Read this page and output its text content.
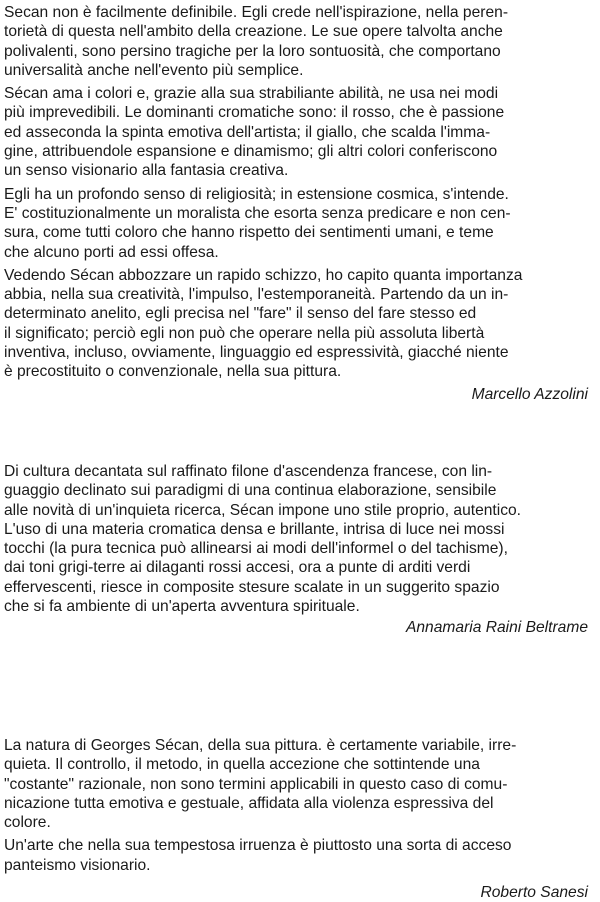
Secan non è facilmente definibile. Egli crede nell'ispirazione, nella peren-
torietà di questa nell'ambito della creazione. Le sue opere talvolta anche
polivalenti, sono persino tragiche per la loro sontuosità, che comportano
universalità anche nell'evento più semplice.
Sécan ama i colori e, grazie alla sua strabiliante abilità, ne usa nei modi
più imprevedibili. Le dominanti cromatiche sono: il rosso, che è passione
ed asseconda la spinta emotiva dell'artista; il giallo, che scalda l'imma-
gine, attribuendole espansione e dinamismo; gli altri colori conferiscono
un senso visionario alla fantasia creativa.
Egli ha un profondo senso di religiosità; in estensione cosmica, s'intende.
E' costituzionalmente un moralista che esorta senza predicare e non cen-
sura, come tutti coloro che hanno rispetto dei sentimenti umani, e teme
che alcuno porti ad essi offesa.
Vedendo Sécan abbozzare un rapido schizzo, ho capito quanta importanza
abbia, nella sua creatività, l'impulso, l'estemporaneità. Partendo da un in-
determinato anelito, egli precisa nel "fare" il senso del fare stesso ed
il significato; perciò egli non può che operare nella più assoluta libertà
inventiva, incluso, ovviamente, linguaggio ed espressività, giacché niente
è precostituito o convenzionale, nella sua pittura.
Marcello Azzolini
Di cultura decantata sul raffinato filone d'ascendenza francese, con lin-
guaggio declinato sui paradigmi di una continua elaborazione, sensibile
alle novità di un'inquieta ricerca, Sécan impone uno stile proprio, autentico.
L'uso di una materia cromatica densa e brillante, intrisa di luce nei mossi
tocchi (la pura tecnica può allinearsi ai modi dell'informel o del tachisme),
dai toni grigi-terre ai dilaganti rossi accesi, ora a punte di arditi verdi
effervescenti, riesce in composite stesure scalate in un suggerito spazio
che si fa ambiente di un'aperta avventura spirituale.
Annamaria Raini Beltrame
La natura di Georges Sécan, della sua pittura. è certamente variabile, irre-
quieta. Il controllo, il metodo, in quella accezione che sottintende una
"costante" razionale, non sono termini applicabili in questo caso di comu-
nicazione tutta emotiva e gestuale, affidata alla violenza espressiva del
colore.
Un'arte che nella sua tempestosa irruenza è piuttosto una sorta di acceso
panteismo visionario.
Roberto Sanesi
